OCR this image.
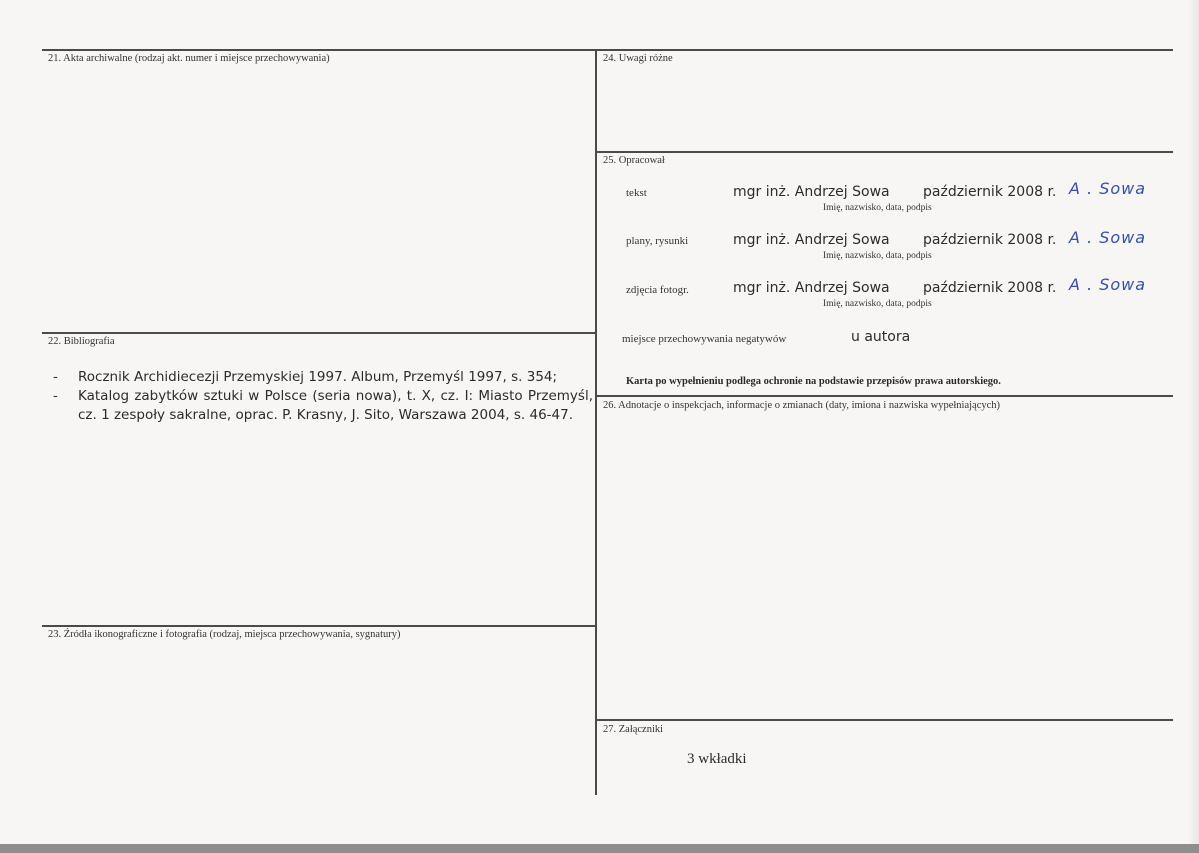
21. Akta archiwalne (rodzaj akt. numer i miejsce przechowywania)
22. Bibliografia
- Rocznik Archidiecezji Przemyskiej 1997. Album, Przemyśl 1997, s. 354;
- Katalog zabytków sztuki w Polsce (seria nowa), t. X, cz. I: Miasto Przemyśl, cz. 1 zespoły sakralne, oprac. P. Krasny, J. Sito, Warszawa 2004, s. 46-47.
23. Źródła ikonograficzne i fotografia (rodzaj, miejsca przechowywania, sygnatury)
24. Uwagi różne
25. Opracował
tekst	mgr inż. Andrzej Sowa październik 2008 r.
Imię, nazwisko, data, podpis
A . Sowa
plany, rysunki	mgr inż. Andrzej Sowa październik 2008 r.
Imię, nazwisko, data, podpis
A . Sowa
zdjęcia fotogr.	mgr inż. Andrzej Sowa październik 2008 r.
Imię, nazwisko, data, podpis
A . Sowa
miejsce przechowywania negatywów	u autora
Karta po wypełnieniu podlega ochronie na podstawie przepisów prawa autorskiego.
26. Adnotacje o inspekcjach, informacje o zmianach (daty, imiona i nazwiska wypełniających)
27. Załączniki
3 wkładki
